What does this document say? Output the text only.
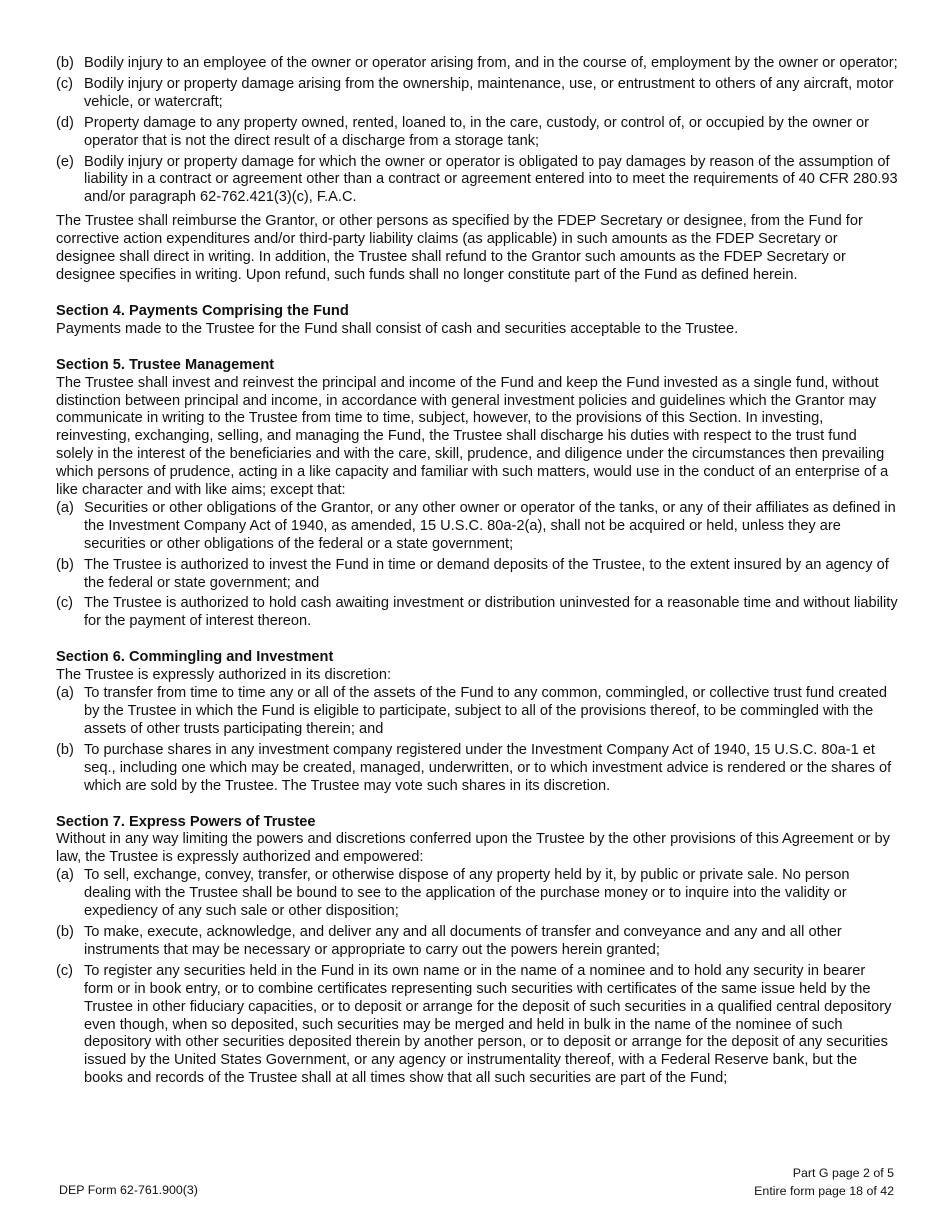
(b) Bodily injury to an employee of the owner or operator arising from, and in the course of, employment by the owner or operator;
(c) Bodily injury or property damage arising from the ownership, maintenance, use, or entrustment to others of any aircraft, motor vehicle, or watercraft;
(d) Property damage to any property owned, rented, loaned to, in the care, custody, or control of, or occupied by the owner or operator that is not the direct result of a discharge from a storage tank;
(e) Bodily injury or property damage for which the owner or operator is obligated to pay damages by reason of the assumption of liability in a contract or agreement other than a contract or agreement entered into to meet the requirements of 40 CFR 280.93 and/or paragraph 62-762.421(3)(c), F.A.C.

The Trustee shall reimburse the Grantor, or other persons as specified by the FDEP Secretary or designee, from the Fund for corrective action expenditures and/or third-party liability claims (as applicable) in such amounts as the FDEP Secretary or designee shall direct in writing. In addition, the Trustee shall refund to the Grantor such amounts as the FDEP Secretary or designee specifies in writing. Upon refund, such funds shall no longer constitute part of the Fund as defined herein.

Section 4. Payments Comprising the Fund

Payments made to the Trustee for the Fund shall consist of cash and securities acceptable to the Trustee.

Section 5. Trustee Management

The Trustee shall invest and reinvest the principal and income of the Fund and keep the Fund invested as a single fund, without distinction between principal and income, in accordance with general investment policies and guidelines which the Grantor may communicate in writing to the Trustee from time to time, subject, however, to the provisions of this Section. In investing, reinvesting, exchanging, selling, and managing the Fund, the Trustee shall discharge his duties with respect to the trust fund solely in the interest of the beneficiaries and with the care, skill, prudence, and diligence under the circumstances then prevailing which persons of prudence, acting in a like capacity and familiar with such matters, would use in the conduct of an enterprise of a like character and with like aims; except that:

(a) Securities or other obligations of the Grantor, or any other owner or operator of the tanks, or any of their affiliates as defined in the Investment Company Act of 1940, as amended, 15 U.S.C. 80a-2(a), shall not be acquired or held, unless they are securities or other obligations of the federal or a state government;
(b) The Trustee is authorized to invest the Fund in time or demand deposits of the Trustee, to the extent insured by an agency of the federal or state government; and
(c) The Trustee is authorized to hold cash awaiting investment or distribution uninvested for a reasonable time and without liability for the payment of interest thereon.
Section 6. Commingling and Investment

The Trustee is expressly authorized in its discretion:

(a) To transfer from time to time any or all of the assets of the Fund to any common, commingled, or collective trust fund created by the Trustee in which the Fund is eligible to participate, subject to all of the provisions thereof, to be commingled with the assets of other trusts participating therein; and
(b) To purchase shares in any investment company registered under the Investment Company Act of 1940, 15 U.S.C. 80a-1 et seq., including one which may be created, managed, underwritten, or to which investment advice is rendered or the shares of which are sold by the Trustee. The Trustee may vote such shares in its discretion.
Section 7. Express Powers of Trustee

Without in any way limiting the powers and discretions conferred upon the Trustee by the other provisions of this Agreement or by law, the Trustee is expressly authorized and empowered:

(a) To sell, exchange, convey, transfer, or otherwise dispose of any property held by it, by public or private sale. No person dealing with the Trustee shall be bound to see to the application of the purchase money or to inquire into the validity or expediency of any such sale or other disposition;
(b) To make, execute, acknowledge, and deliver any and all documents of transfer and conveyance and any and all other instruments that may be necessary or appropriate to carry out the powers herein granted;
(c) To register any securities held in the Fund in its own name or in the name of a nominee and to hold any security in bearer form or in book entry, or to combine certificates representing such securities with certificates of the same issue held by the Trustee in other fiduciary capacities, or to deposit or arrange for the deposit of such securities in a qualified central depository even though, when so deposited, such securities may be merged and held in bulk in the name of the nominee of such depository with other securities deposited therein by another person, or to deposit or arrange for the deposit of any securities issued by the United States Government, or any agency or instrumentality thereof, with a Federal Reserve bank, but the books and records of the Trustee shall at all times show that all such securities are part of the Fund;
Part G page 2 of 5
Entire form page 18 of 42
DEP Form 62-761.900(3)
